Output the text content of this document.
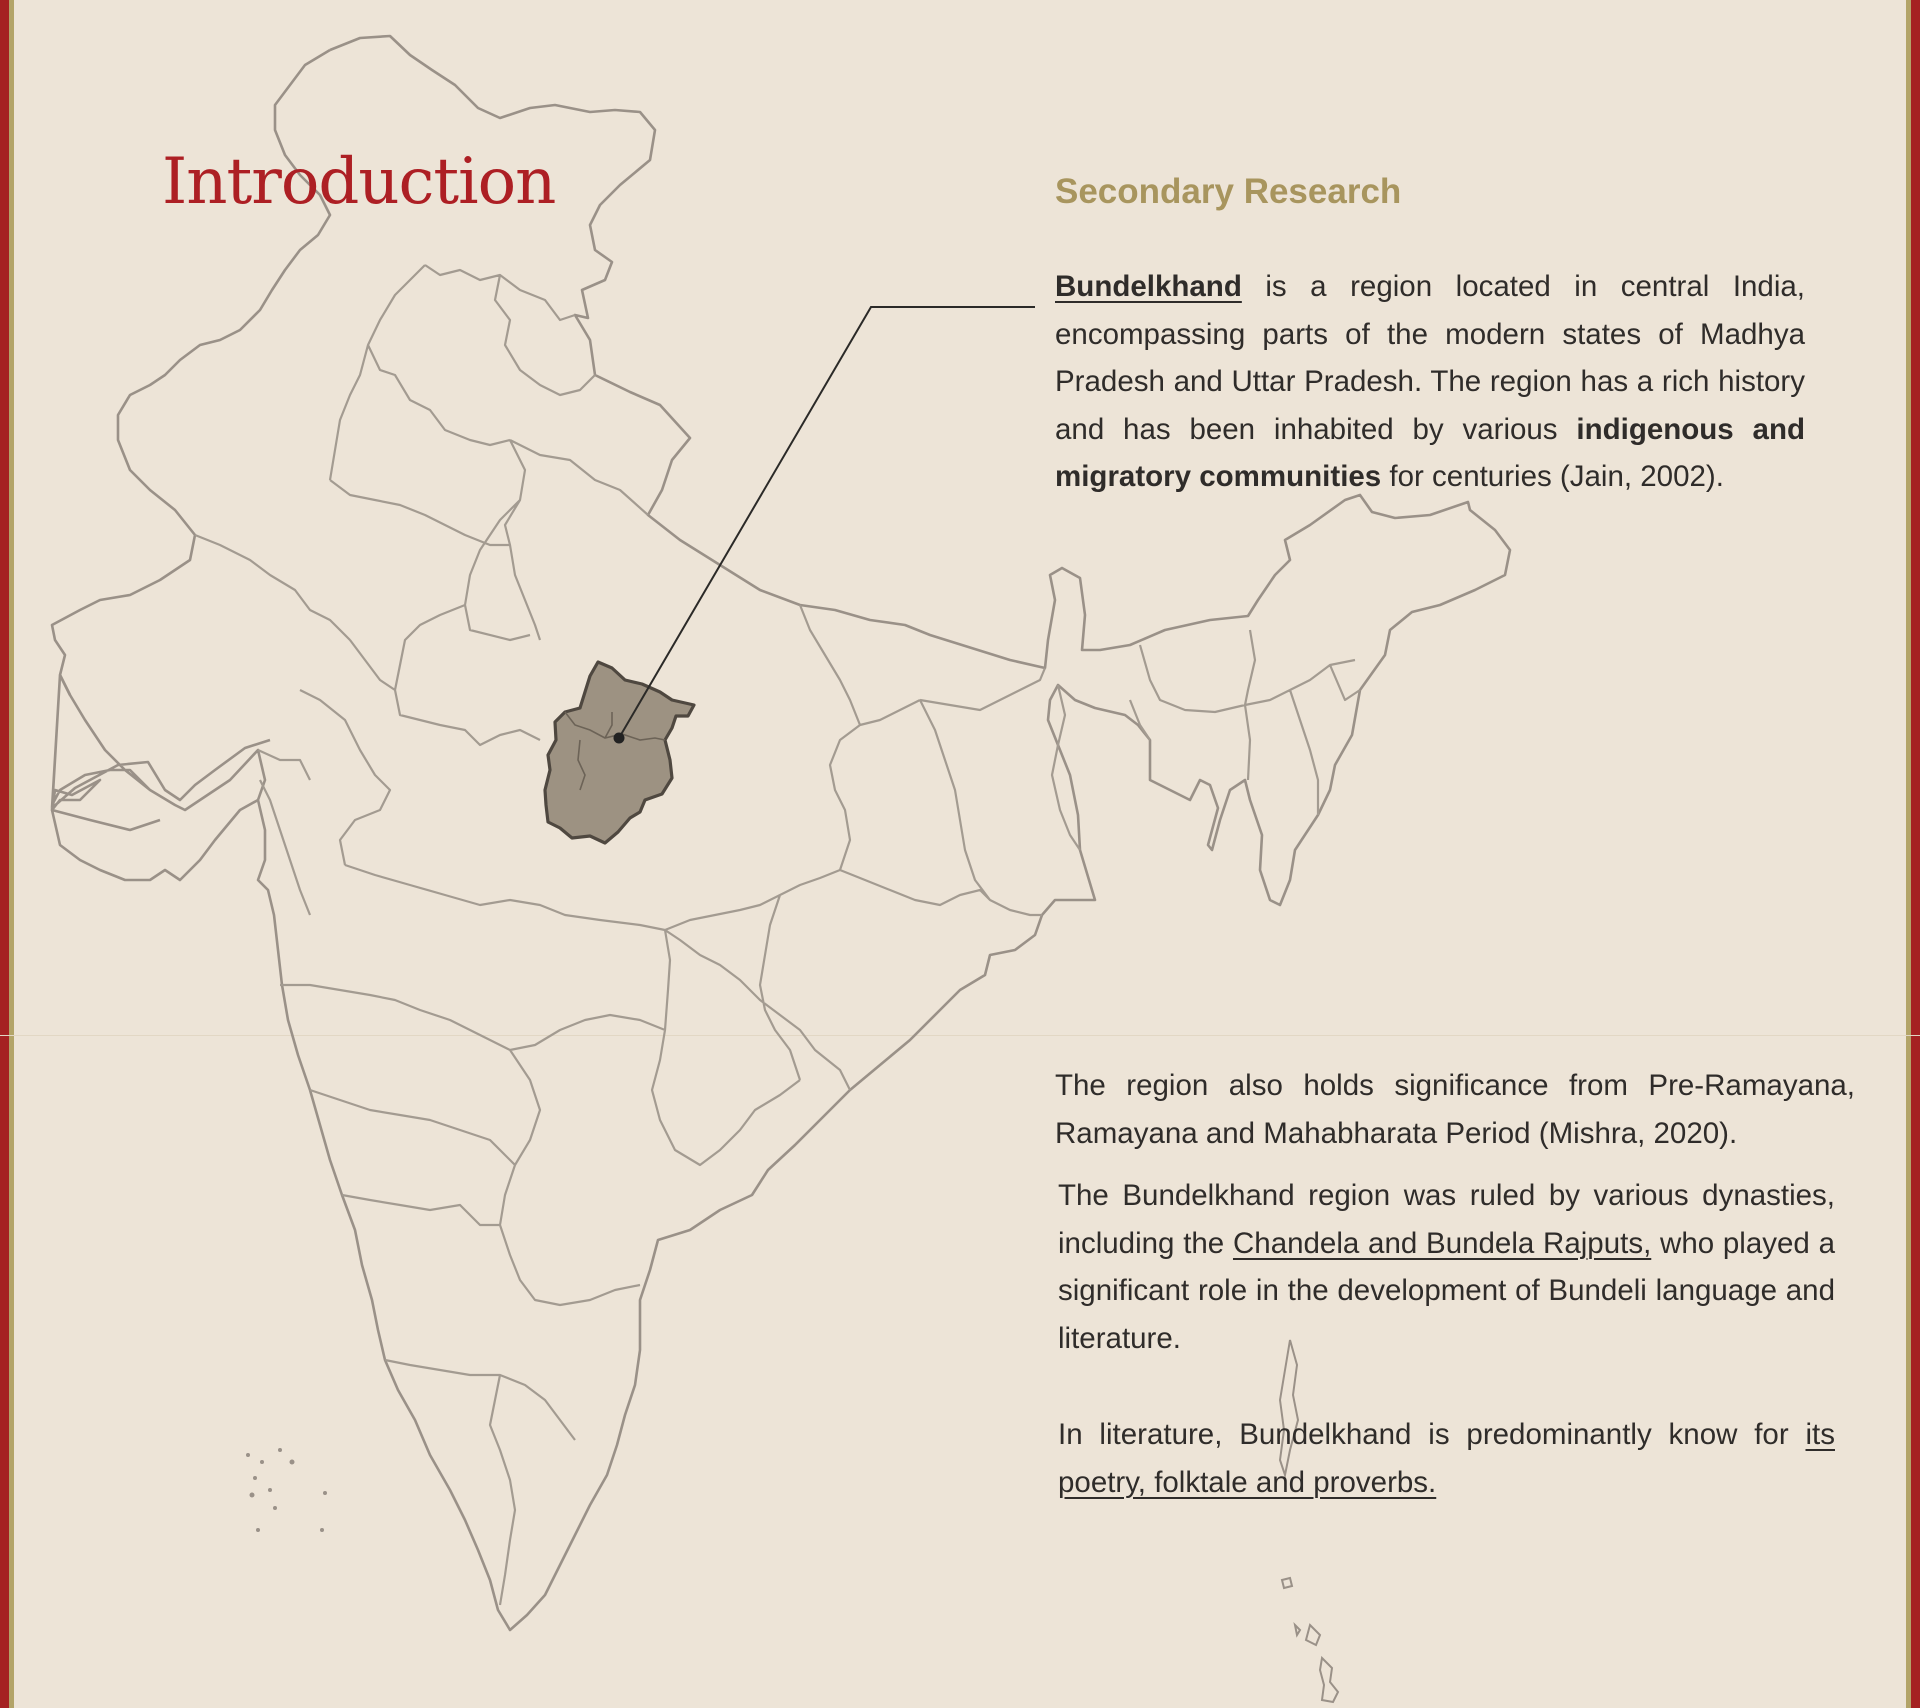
Introduction	Secondary Research

Bundelkhand is a region located in central India, encompassing parts of the modern states of Madhya Pradesh and Uttar Pradesh. The region has a rich history and has been inhabited by various indigenous and migratory communities for centuries (Jain, 2002).

The region also holds significance from Pre-Ramayana, Ramayana and Mahabharata Period (Mishra, 2020).

The Bundelkhand region was ruled by various dynasties, including the Chandela and Bundela Rajputs, who played a significant role in the development of Bundeli language and literature.

In literature, Bundelkhand is predominantly know for its poetry, folktale and proverbs.
